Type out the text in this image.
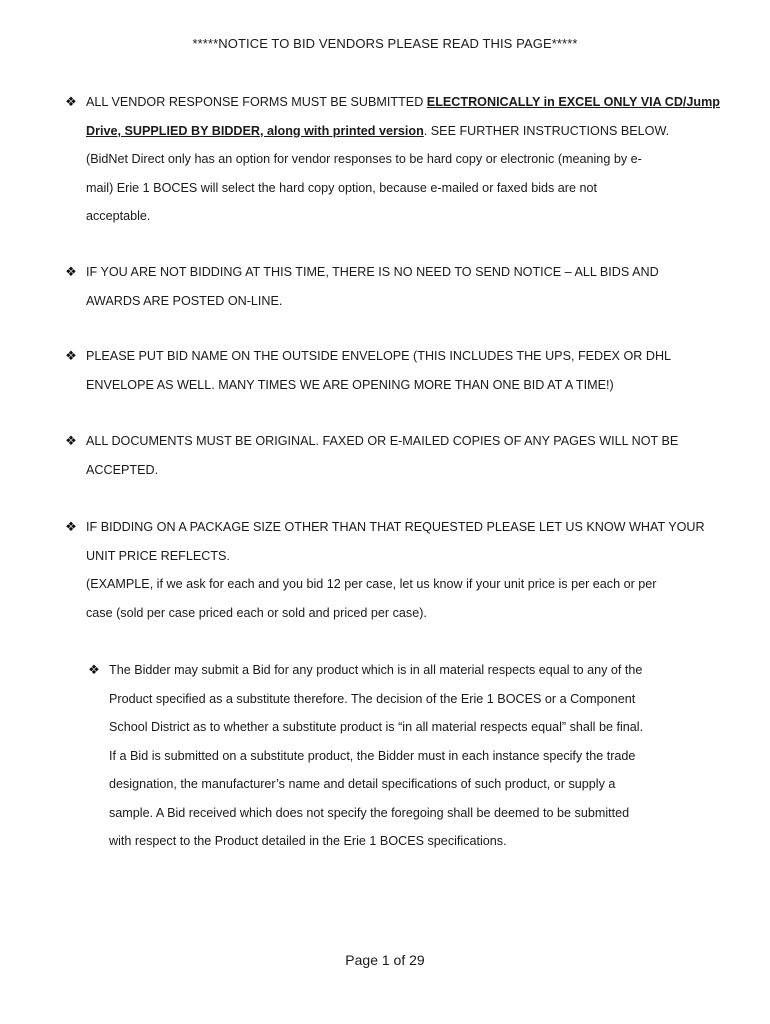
*****NOTICE TO BID VENDORS PLEASE READ THIS PAGE*****
❖ ALL VENDOR RESPONSE FORMS MUST BE SUBMITTED ELECTRONICALLY in EXCEL ONLY VIA CD/Jump
Drive, SUPPLIED BY BIDDER, along with printed version. SEE FURTHER INSTRUCTIONS BELOW.
(BidNet Direct only has an option for vendor responses to be hard copy or electronic (meaning by e-
mail) Erie 1 BOCES will select the hard copy option, because e-mailed or faxed bids are not
acceptable.
❖ IF YOU ARE NOT BIDDING AT THIS TIME, THERE IS NO NEED TO SEND NOTICE – ALL BIDS AND
AWARDS ARE POSTED ON-LINE.
❖ PLEASE PUT BID NAME ON THE OUTSIDE ENVELOPE (THIS INCLUDES THE UPS, FEDEX OR DHL
ENVELOPE AS WELL. MANY TIMES WE ARE OPENING MORE THAN ONE BID AT A TIME!)
❖ ALL DOCUMENTS MUST BE ORIGINAL. FAXED OR E-MAILED COPIES OF ANY PAGES WILL NOT BE
ACCEPTED.
❖ IF BIDDING ON A PACKAGE SIZE OTHER THAN THAT REQUESTED PLEASE LET US KNOW WHAT YOUR
UNIT PRICE REFLECTS.
(EXAMPLE, if we ask for each and you bid 12 per case, let us know if your unit price is per each or per
case (sold per case priced each or sold and priced per case).
❖ The Bidder may submit a Bid for any product which is in all material respects equal to any of the
Product specified as a substitute therefore. The decision of the Erie 1 BOCES or a Component
School District as to whether a substitute product is “in all material respects equal” shall be final.
If a Bid is submitted on a substitute product, the Bidder must in each instance specify the trade
designation, the manufacturer’s name and detail specifications of such product, or supply a
sample. A Bid received which does not specify the foregoing shall be deemed to be submitted
with respect to the Product detailed in the Erie 1 BOCES specifications.
Page 1 of 29
